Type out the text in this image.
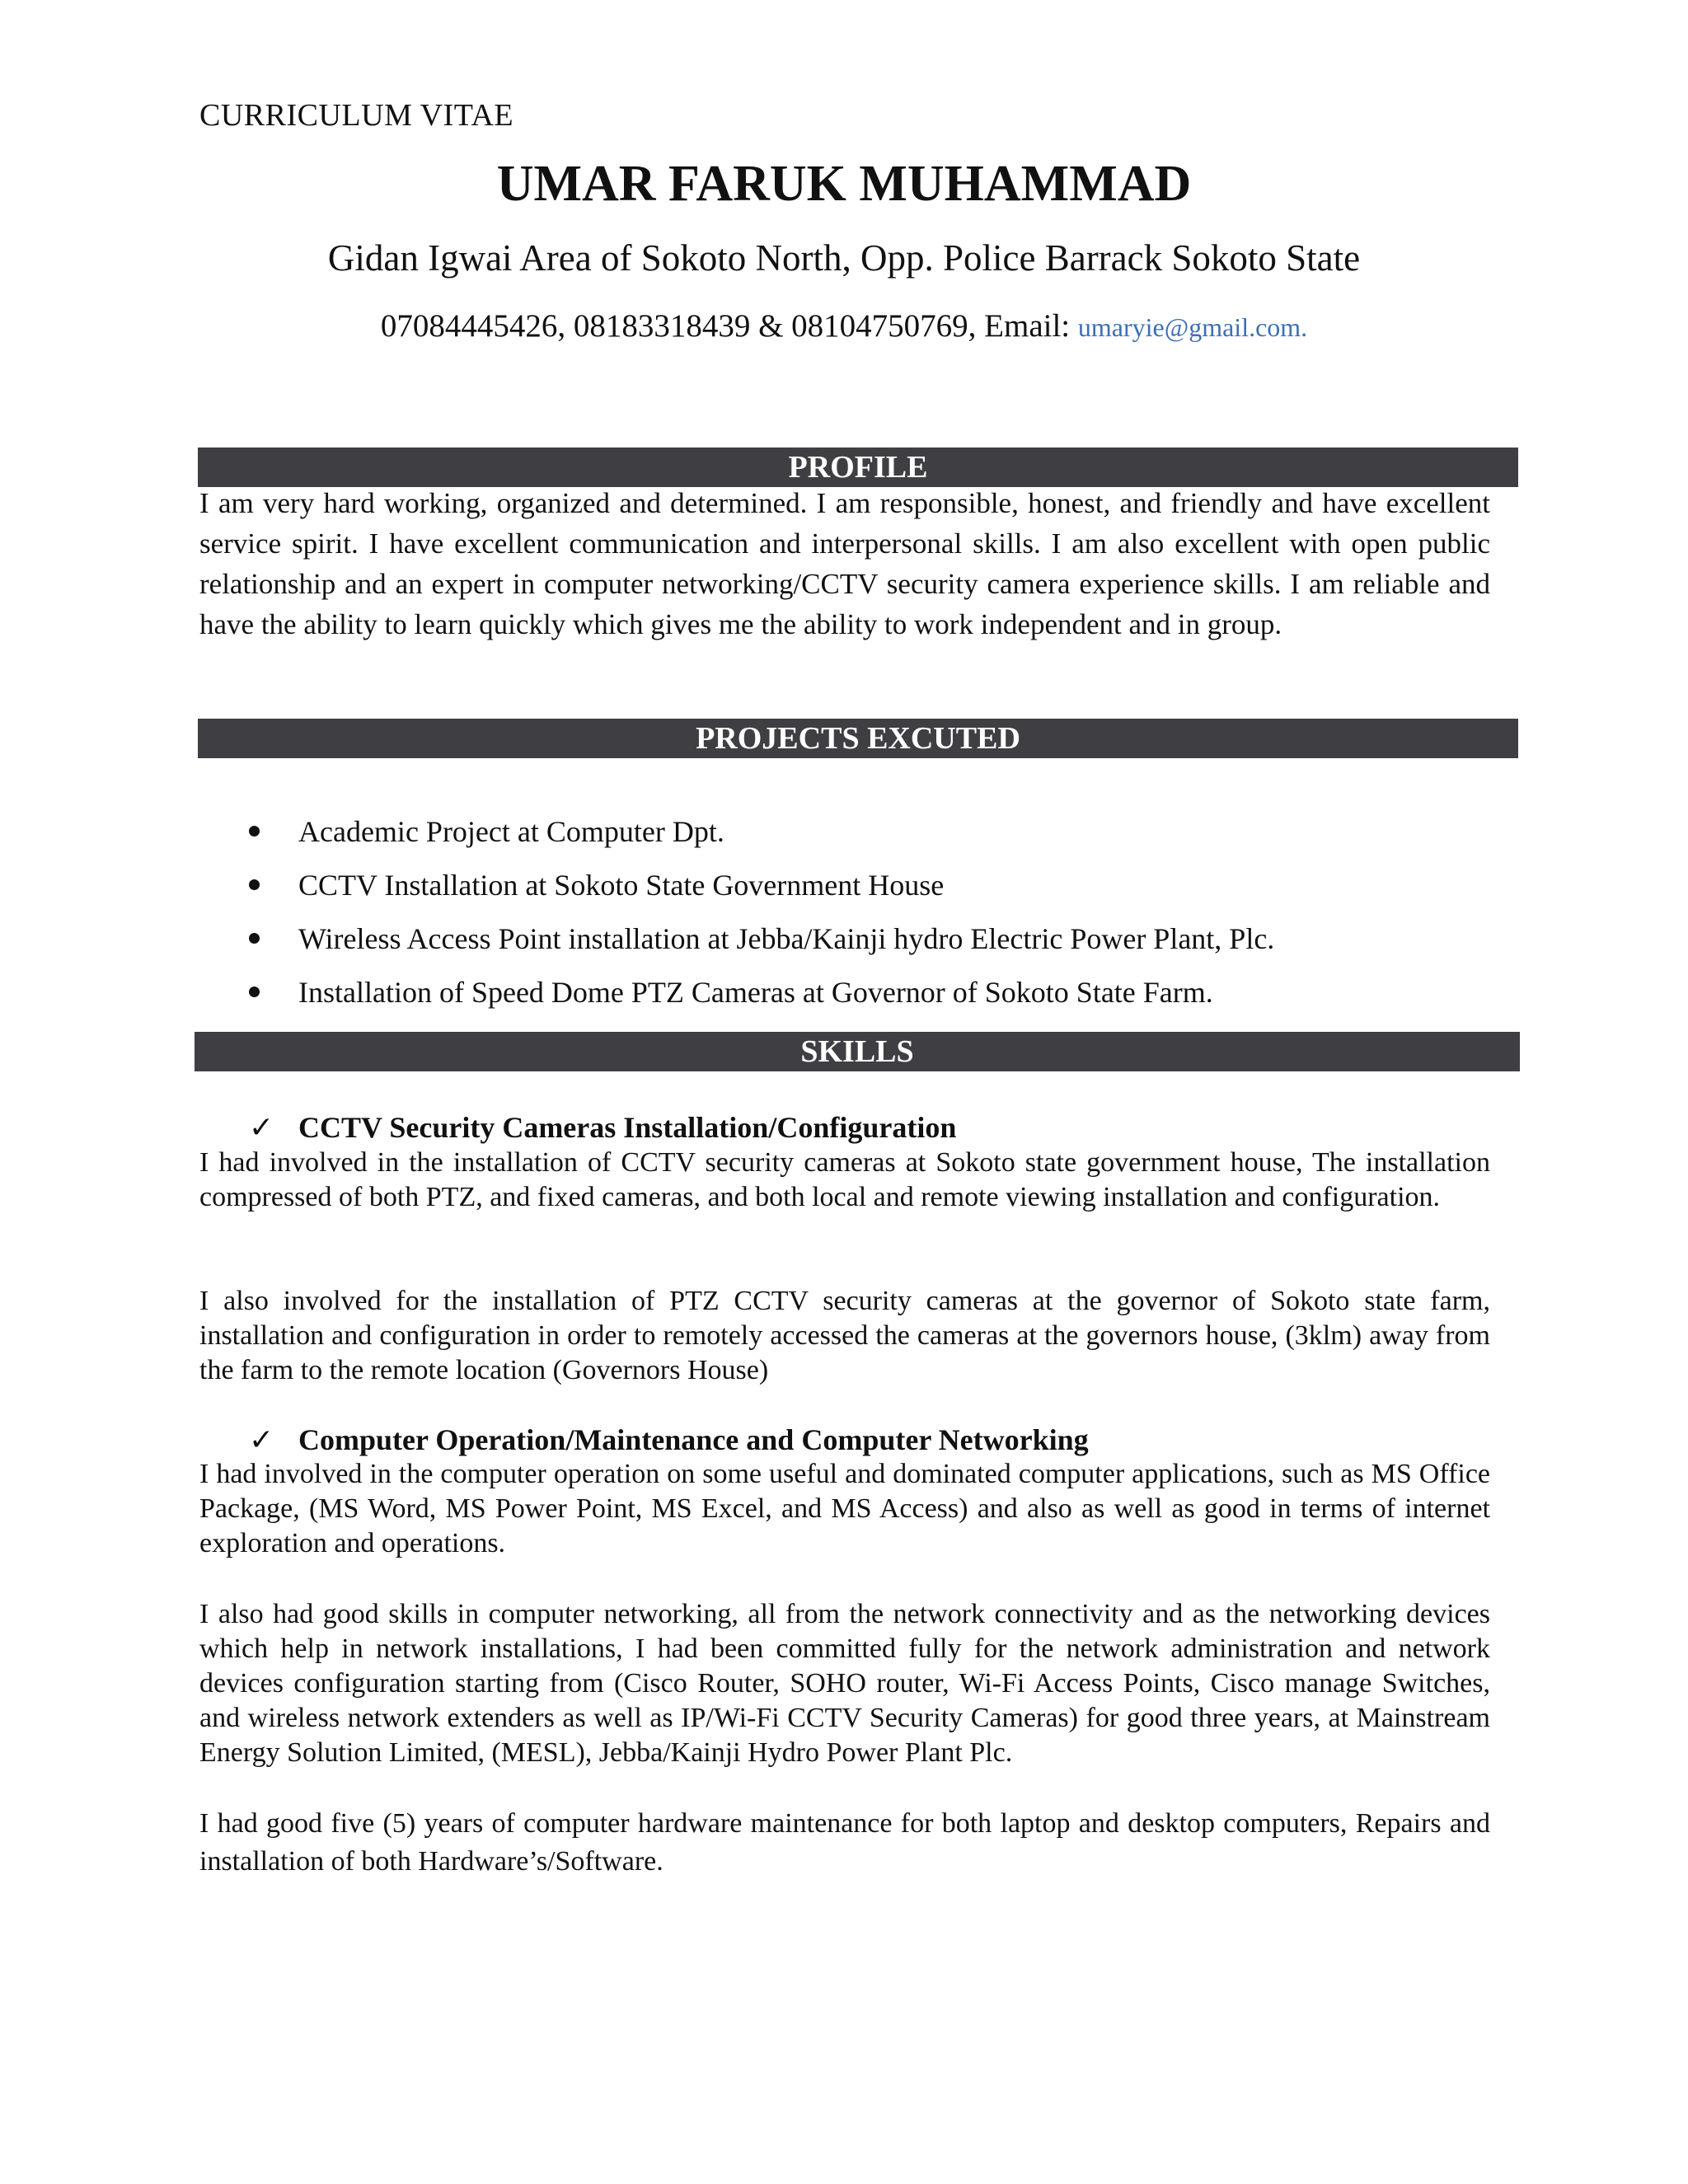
CURRICULUM VITAE
UMAR FARUK MUHAMMAD
Gidan Igwai Area of Sokoto North, Opp. Police Barrack Sokoto State
07084445426, 08183318439 & 08104750769, Email: umaryie@gmail.com.
PROFILE

I am very hard working, organized and determined. I am responsible, honest, and friendly and have excellent service spirit. I have excellent communication and interpersonal skills. I am also excellent with open public relationship and an expert in computer networking/CCTV security camera experience skills. I am reliable and have the ability to learn quickly which gives me the ability to work independent and in group.

PROJECTS EXCUTED
Academic Project at Computer Dpt.
CCTV Installation at Sokoto State Government House
Wireless Access Point installation at Jebba/Kainji hydro Electric Power Plant, Plc.
Installation of Speed Dome PTZ Cameras at Governor of Sokoto State Farm.
SKILLS
✓ CCTV Security Cameras Installation/Configuration

I had involved in the installation of CCTV security cameras at Sokoto state government house, The installation compressed of both PTZ, and fixed cameras, and both local and remote viewing installation and configuration.

I also involved for the installation of PTZ CCTV security cameras at the governor of Sokoto state farm, installation and configuration in order to remotely accessed the cameras at the governors house, (3klm) away from the farm to the remote location (Governors House)

✓ Computer Operation/Maintenance and Computer Networking

I had involved in the computer operation on some useful and dominated computer applications, such as MS Office Package, (MS Word, MS Power Point, MS Excel, and MS Access) and also as well as good in terms of internet exploration and operations.

I also had good skills in computer networking, all from the network connectivity and as the networking devices which help in network installations, I had been committed fully for the network administration and network devices configuration starting from (Cisco Router, SOHO router, Wi-Fi Access Points, Cisco manage Switches, and wireless network extenders as well as IP/Wi-Fi CCTV Security Cameras) for good three years, at Mainstream Energy Solution Limited, (MESL), Jebba/Kainji Hydro Power Plant Plc.

I had good five (5) years of computer hardware maintenance for both laptop and desktop computers, Repairs and installation of both Hardware’s/Software.
